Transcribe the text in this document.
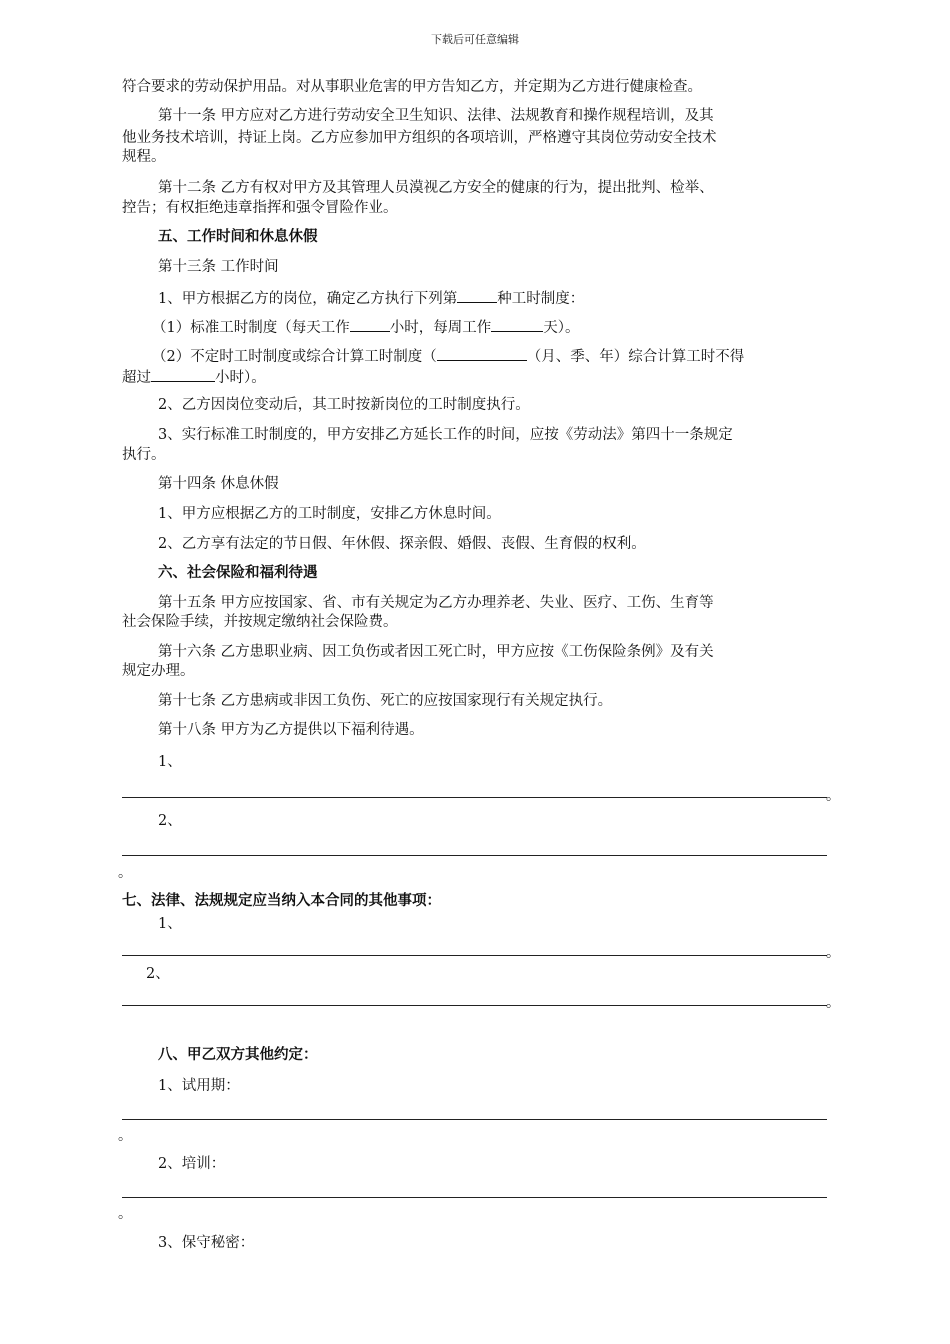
下载后可任意编辑
符合要求的劳动保护用品。对从事职业危害的甲方告知乙方，并定期为乙方进行健康检查。
第十一条 甲方应对乙方进行劳动安全卫生知识、法律、法规教育和操作规程培训，及其
他业务技术培训，持证上岗。乙方应参加甲方组织的各项培训，严格遵守其岗位劳动安全技术
规程。
第十二条 乙方有权对甲方及其管理人员漠视乙方安全的健康的行为，提出批判、检举、
控告；有权拒绝违章指挥和强令冒险作业。
五、工作时间和休息休假
第十三条 工作时间
1、甲方根据乙方的岗位，确定乙方执行下列第	种工时制度：
（1）标准工时制度（每天工作	小时，每周工作	天）。
（2）不定时工时制度或综合计算工时制度（	（月、季、年）综合计算工时不得
超过	小时）。
2、乙方因岗位变动后，其工时按新岗位的工时制度执行。
3、实行标准工时制度的，甲方安排乙方延长工作的时间，应按《劳动法》第四十一条规定
执行。
第十四条 休息休假
1、甲方应根据乙方的工时制度，安排乙方休息时间。
2、乙方享有法定的节日假、年休假、探亲假、婚假、丧假、生育假的权利。
六、社会保险和福利待遇
第十五条 甲方应按国家、省、市有关规定为乙方办理养老、失业、医疗、工伤、生育等
社会保险手续，并按规定缴纳社会保险费。
第十六条 乙方患职业病、因工负伤或者因工死亡时，甲方应按《工伤保险条例》及有关
规定办理。
第十七条 乙方患病或非因工负伤、死亡的应按国家现行有关规定执行。
第十八条 甲方为乙方提供以下福利待遇。
1、
。
2、
。
七、法律、法规规定应当纳入本合同的其他事项：
1、
。
2、
。
八、甲乙双方其他约定：
1、试用期：
。
2、培训：
。
3、保守秘密：
